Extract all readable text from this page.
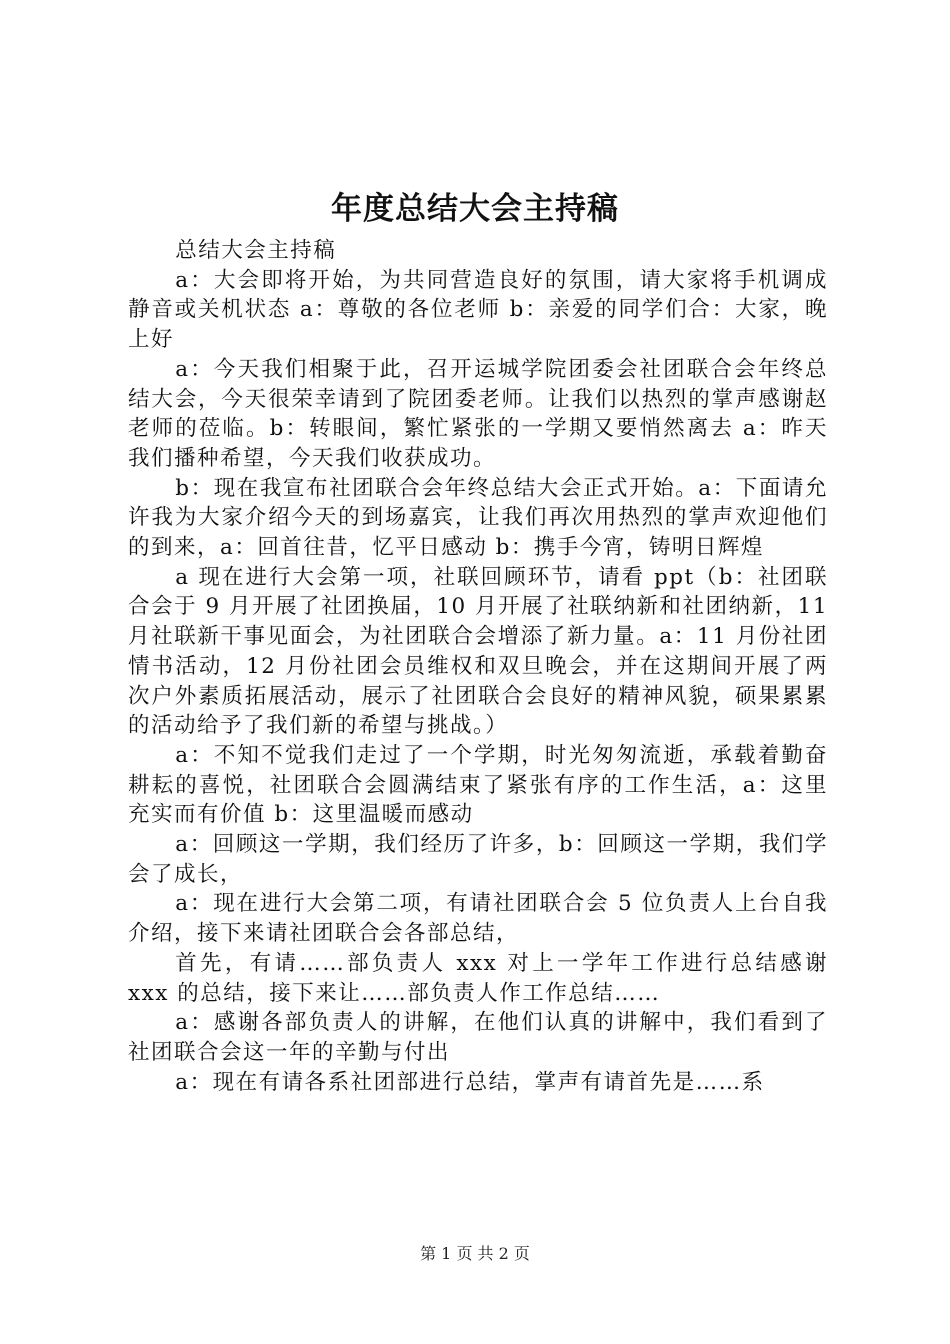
年度总结大会主持稿

总结大会主持稿

a：大会即将开始，为共同营造良好的氛围，请大家将手机调成静音或关机状态 a：尊敬的各位老师 b：亲爱的同学们合：大家，晚上好

a：今天我们相聚于此，召开运城学院团委会社团联合会年终总结大会，今天很荣幸请到了院团委老师。让我们以热烈的掌声感谢赵老师的莅临。b：转眼间，繁忙紧张的一学期又要悄然离去 a：昨天我们播种希望，今天我们收获成功。

b：现在我宣布社团联合会年终总结大会正式开始。a：下面请允许我为大家介绍今天的到场嘉宾，让我们再次用热烈的掌声欢迎他们的到来，a：回首往昔，忆平日感动 b：携手今宵，铸明日辉煌

a 现在进行大会第一项，社联回顾环节，请看 ppt（b：社团联合会于 9 月开展了社团换届，10 月开展了社联纳新和社团纳新，11 月社联新干事见面会，为社团联合会增添了新力量。a：11 月份社团情书活动，12 月份社团会员维权和双旦晚会，并在这期间开展了两次户外素质拓展活动，展示了社团联合会良好的精神风貌，硕果累累的活动给予了我们新的希望与挑战。）

a：不知不觉我们走过了一个学期，时光匆匆流逝，承载着勤奋耕耘的喜悦，社团联合会圆满结束了紧张有序的工作生活，a：这里充实而有价值 b：这里温暖而感动

a：回顾这一学期，我们经历了许多，b：回顾这一学期，我们学会了成长，

a：现在进行大会第二项，有请社团联合会 5 位负责人上台自我介绍，接下来请社团联合会各部总结，

首先，有请……部负责人 xxx 对上一学年工作进行总结感谢 xxx 的总结，接下来让……部负责人作工作总结……

a：感谢各部负责人的讲解，在他们认真的讲解中，我们看到了社团联合会这一年的辛勤与付出

a：现在有请各系社团部进行总结，掌声有请首先是……系

第 1 页 共 2 页
